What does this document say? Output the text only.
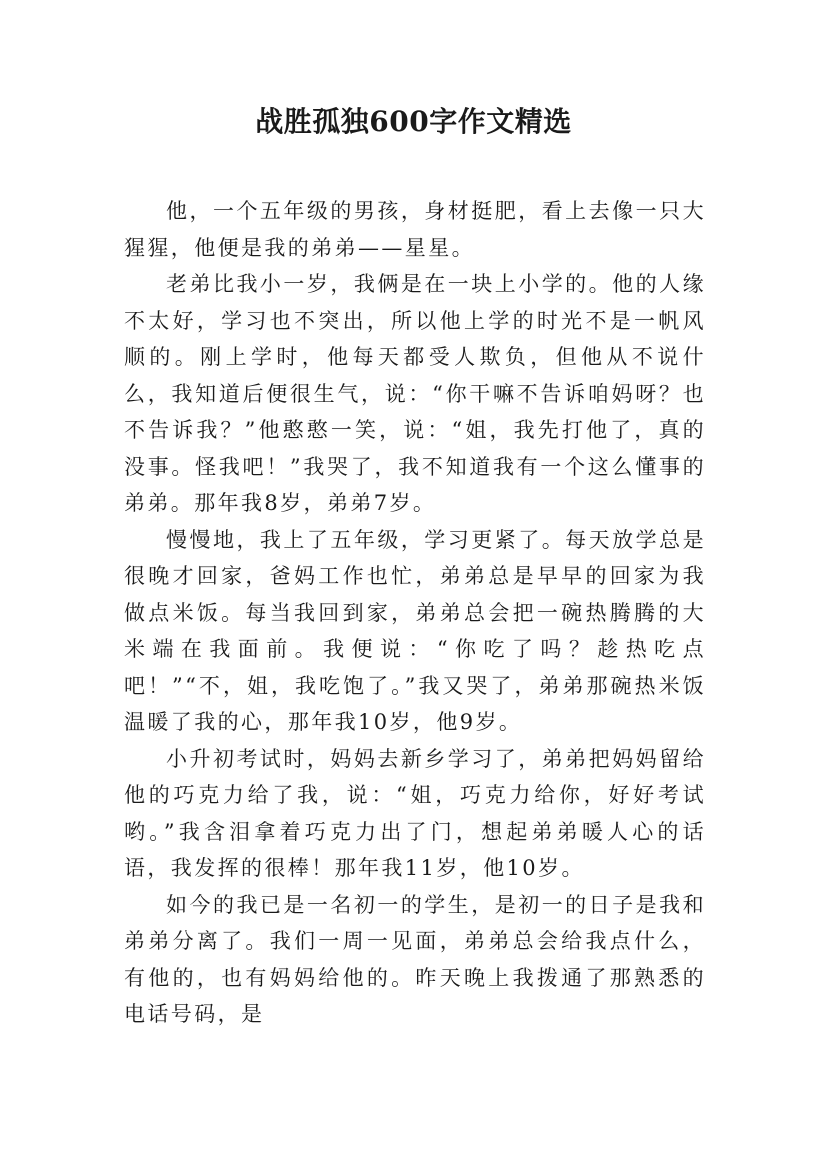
战胜孤独600字作文精选

他，一个五年级的男孩，身材挺肥，看上去像一只大猩猩，他便是我的弟弟——星星。

老弟比我小一岁，我俩是在一块上小学的。他的人缘不太好，学习也不突出，所以他上学的时光不是一帆风顺的。刚上学时，他每天都受人欺负，但他从不说什么，我知道后便很生气，说：“你干嘛不告诉咱妈呀？也不告诉我？”他憨憨一笑，说：“姐，我先打他了，真的没事。怪我吧！”我哭了，我不知道我有一个这么懂事的弟弟。那年我8岁，弟弟7岁。

慢慢地，我上了五年级，学习更紧了。每天放学总是很晚才回家，爸妈工作也忙，弟弟总是早早的回家为我做点米饭。每当我回到家，弟弟总会把一碗热腾腾的大米端在我面前。我便说：“你吃了吗？趁热吃点吧！”“不，姐，我吃饱了。”我又哭了，弟弟那碗热米饭温暖了我的心，那年我10岁，他9岁。

小升初考试时，妈妈去新乡学习了，弟弟把妈妈留给他的巧克力给了我，说：“姐，巧克力给你，好好考试哟。”我含泪拿着巧克力出了门，想起弟弟暖人心的话语，我发挥的很棒！那年我11岁，他10岁。

如今的我已是一名初一的学生，是初一的日子是我和弟弟分离了。我们一周一见面，弟弟总会给我点什么，有他的，也有妈妈给他的。昨天晚上我拨通了那熟悉的电话号码，是
